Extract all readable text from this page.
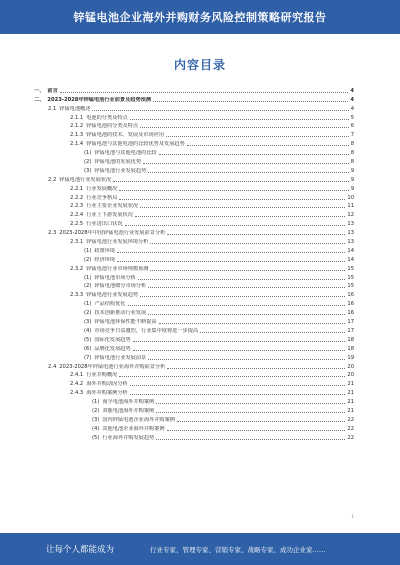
锌锰电池企业海外并购财务风险控制策略研究报告
内容目录
一、 前言	4
二、 2023-2028年锌锰电池行业前景及趋势预测	4
2.1 锌锰电池概述	4
2.1.1 电池的分类及特点	5
2.1.2 锌锰电池的分类及特点	6
2.1.3 锌锰电池的技术、发展及市场应用	7
2.1.4 锌锰电池与其他电池的比较优势及发展趋势	8
(1) 锌锰电池与其他电池的比较	8
(2) 锌锰电池的发展优势	8
(3) 锌锰电池行业发展趋势	9
2.2 锌锰电池行业发展状况	9
2.2.1 行业发展概况	9
2.2.2 行业竞争格局	10
2.2.3 行业主要企业发展状况	11
2.2.4 行业上下游发展状况	12
2.2.5 行业进出口状况	13
2.3 2023-2028年中国锌锰电池行业发展前景分析	13
2.3.1 锌锰电池行业发展环境分析	13
(1) 政策环境	14
(2) 经济环境	14
2.3.2 锌锰电池行业市场规模预测	15
(1) 锌锰电池市场分析	15
(2) 锌锰电池细分市场分析	15
2.3.3 锌锰电池行业发展趋势	16
(1) 产品结构优化	16
(2) 技术创新推动行业发展	16
(3) 锌锰电池环保性能不断提高	17
(4) 市场竞争日益激烈，行业集中度将进一步提高	17
(5) 国际化发展趋势	18
(6) 品牌化发展趋势	18
(7) 锌锰电池行业发展前景	19
2.4 2023-2028年锌锰电池行业海外并购前景分析	20
2.4.1 行业并购概况	20
2.4.2 海外并购动因分析	21
2.4.3 海外并购案例分析	21
(1) 南孚电池海外并购案例	21
(2) 双鹿电池海外并购案例	21
(3) 国内锌锰电池企业海外并购案例	22
(4) 其他电池企业海外并购案例	22
(5) 行业海外并购发展趋势	22
1
让每个人都能成为	行业专家、管理专家、营销专家、战略专家、成功企业家……
